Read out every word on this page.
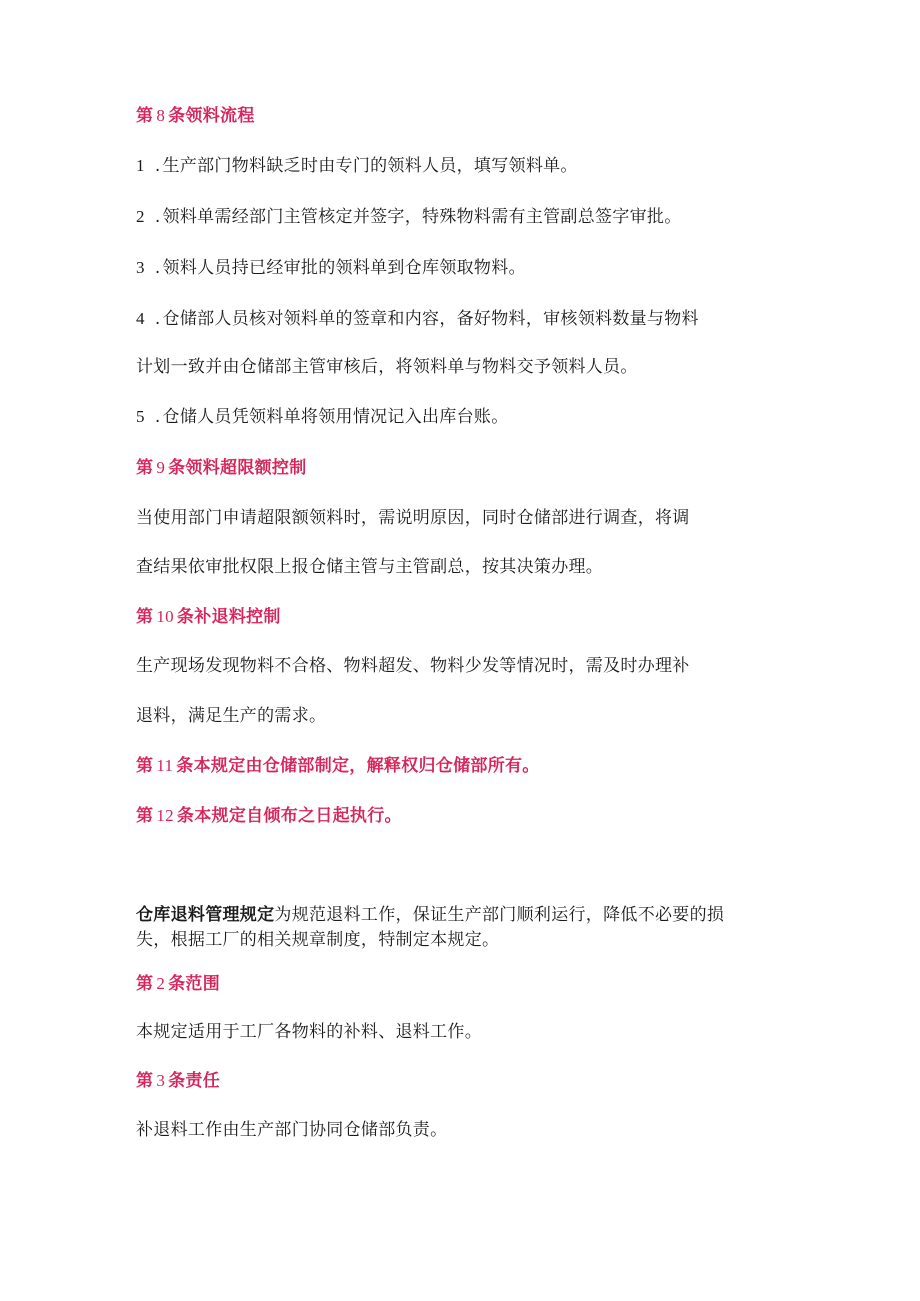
第 8 条领料流程
1 . 生产部门物料缺乏时由专门的领料人员，填写领料单。
2 . 领料单需经部门主管核定并签字，特殊物料需有主管副总签字审批。
3 . 领料人员持已经审批的领料单到仓库领取物料。
4 . 仓储部人员核对领料单的签章和内容，备好物料，审核领料数量与物料
计划一致并由仓储部主管审核后，将领料单与物料交予领料人员。
5 . 仓储人员凭领料单将领用情况记入出库台账。
第 9 条领料超限额控制
当使用部门申请超限额领料时，需说明原因，同时仓储部进行调查，将调
查结果依审批权限上报仓储主管与主管副总，按其决策办理。
第 10 条补退料控制
生产现场发现物料不合格、物料超发、物料少发等情况时，需及时办理补
退料，满足生产的需求。
第 11 条本规定由仓储部制定，解释权归仓储部所有。
第 12 条本规定自倾布之日起执行。
仓库退料管理规定为规范退料工作，保证生产部门顺利运行，降低不必要的损
失，根据工厂的相关规章制度，特制定本规定。
第 2 条范围
本规定适用于工厂各物料的补料、退料工作。
第 3 条责任
补退料工作由生产部门协同仓储部负责。
